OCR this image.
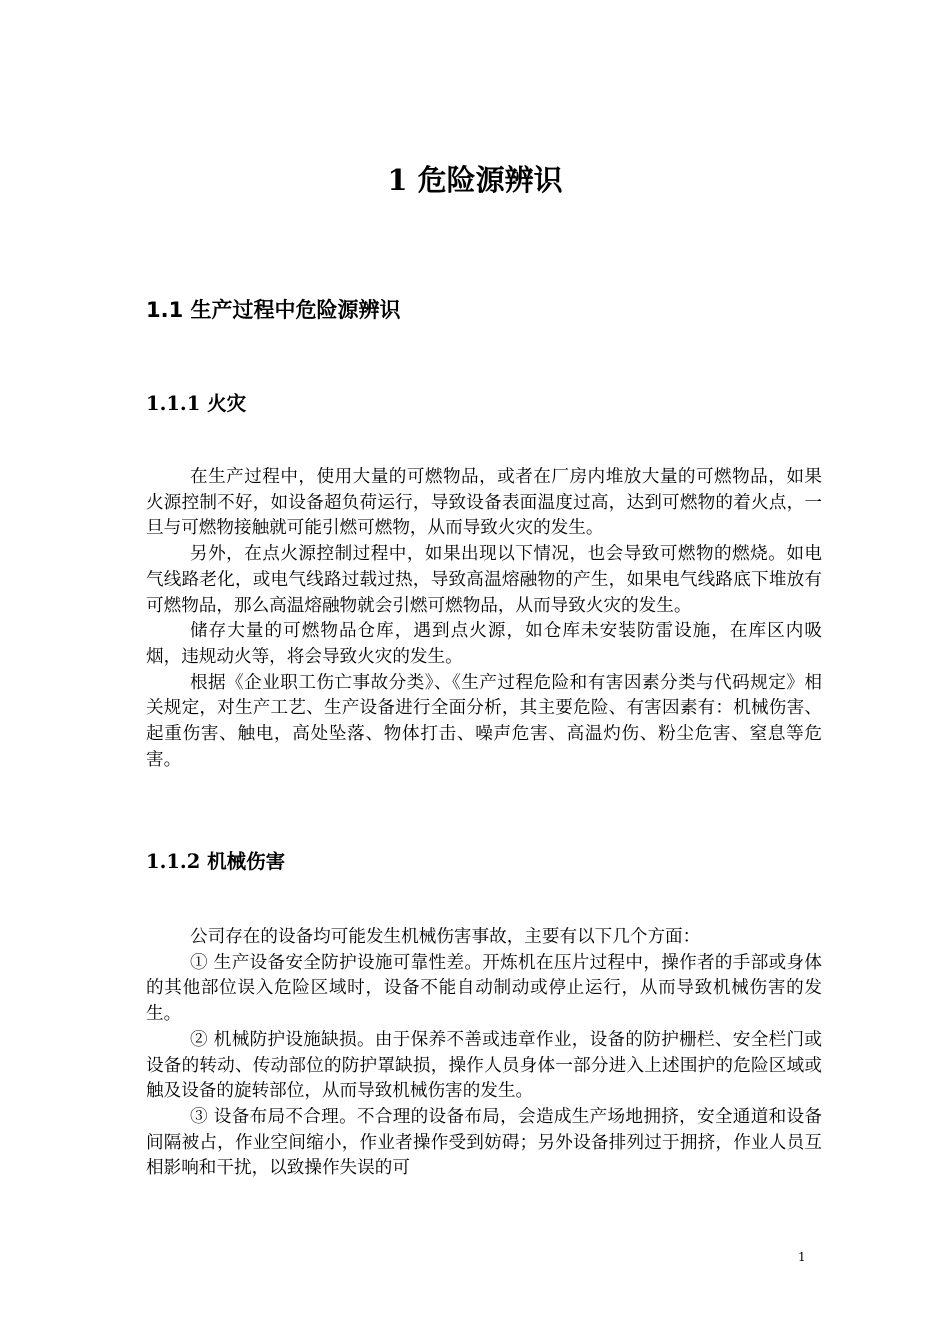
1 危险源辨识
1.1 生产过程中危险源辨识
1.1.1 火灾

在生产过程中，使用大量的可燃物品，或者在厂房内堆放大量的可燃物品，如果火源控制不好，如设备超负荷运行，导致设备表面温度过高，达到可燃物的着火点，一旦与可燃物接触就可能引燃可燃物，从而导致火灾的发生。

另外，在点火源控制过程中，如果出现以下情况，也会导致可燃物的燃烧。如电气线路老化，或电气线路过载过热，导致高温熔融物的产生，如果电气线路底下堆放有可燃物品，那么高温熔融物就会引燃可燃物品，从而导致火灾的发生。

储存大量的可燃物品仓库，遇到点火源，如仓库未安装防雷设施，在库区内吸烟，违规动火等，将会导致火灾的发生。

根据《企业职工伤亡事故分类》、《生产过程危险和有害因素分类与代码规定》相关规定，对生产工艺、生产设备进行全面分析，其主要危险、有害因素有：机械伤害、起重伤害、触电，高处坠落、物体打击、噪声危害、高温灼伤、粉尘危害、窒息等危害。

1.1.2 机械伤害

公司存在的设备均可能发生机械伤害事故，主要有以下几个方面：

① 生产设备安全防护设施可靠性差。开炼机在压片过程中，操作者的手部或身体的其他部位误入危险区域时，设备不能自动制动或停止运行，从而导致机械伤害的发生。

② 机械防护设施缺损。由于保养不善或违章作业，设备的防护栅栏、安全栏门或设备的转动、传动部位的防护罩缺损，操作人员身体一部分进入上述围护的危险区域或触及设备的旋转部位，从而导致机械伤害的发生。

③ 设备布局不合理。不合理的设备布局，会造成生产场地拥挤，安全通道和设备间隔被占，作业空间缩小，作业者操作受到妨碍；另外设备排列过于拥挤，作业人员互相影响和干扰，以致操作失误的可

1
